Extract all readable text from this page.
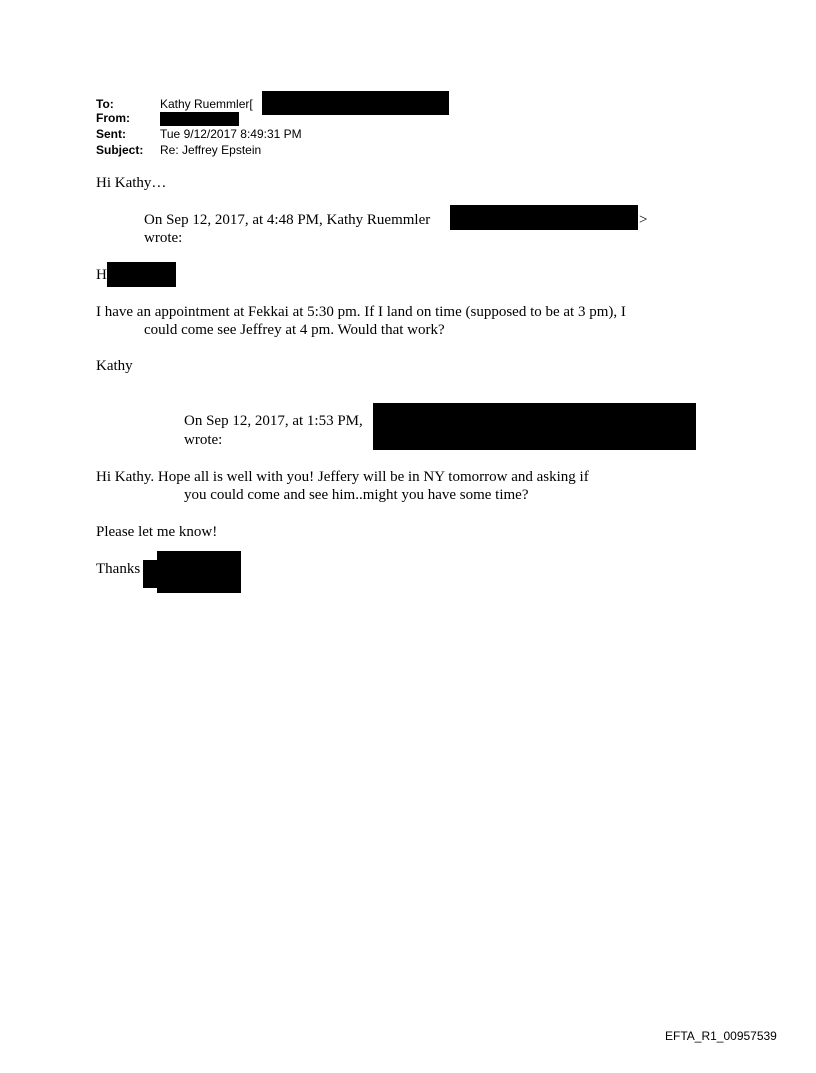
To:	Kathy Ruemmler[
From:
Sent:	Tue 9/12/2017 8:49:31 PM
Subject: Re: Jeffrey Epstein
Hi Kathy…
On Sep 12, 2017, at 4:48 PM, Kathy Ruemmler	>
wrote:
H
I have an appointment at Fekkai at 5:30 pm. If I land on time (supposed to be at 3 pm), I
could come see Jeffrey at 4 pm. Would that work?
Kathy
On Sep 12, 2017, at 1:53 PM,
wrote:
Hi Kathy. Hope all is well with you! Jeffery will be in NY tomorrow and asking if
you could come and see him..might you have some time?
Please let me know!
Thanks
EFTA_R1_00957539
